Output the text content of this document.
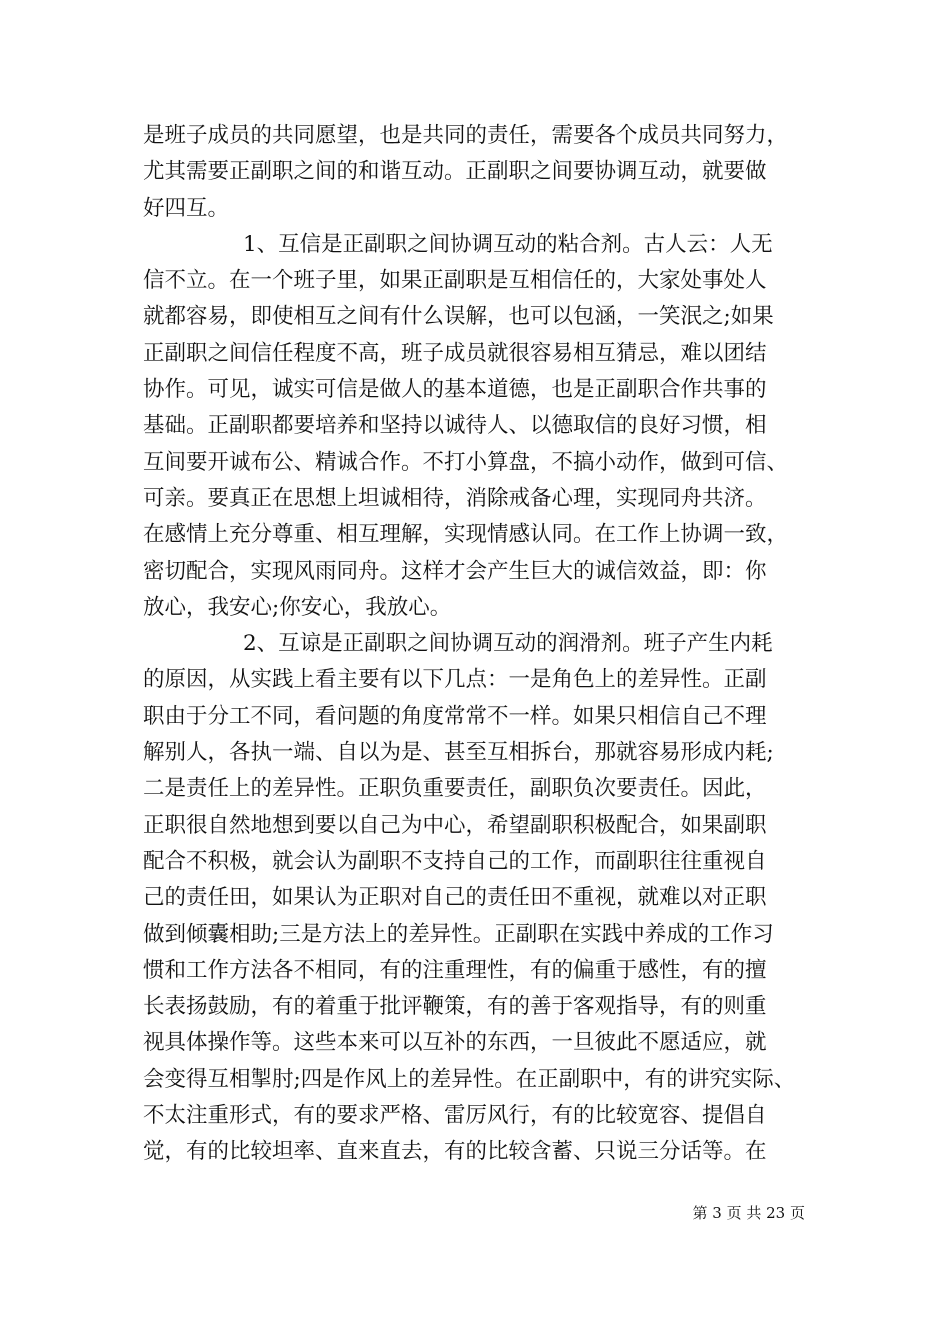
是班子成员的共同愿望，也是共同的责任，需要各个成员共同努力，
尤其需要正副职之间的和谐互动。正副职之间要协调互动，就要做
好四互。
1、互信是正副职之间协调互动的粘合剂。古人云：人无
信不立。在一个班子里，如果正副职是互相信任的，大家处事处人
就都容易，即使相互之间有什么误解，也可以包涵，一笑泯之;如果
正副职之间信任程度不高，班子成员就很容易相互猜忌，难以团结
协作。可见，诚实可信是做人的基本道德，也是正副职合作共事的
基础。正副职都要培养和坚持以诚待人、以德取信的良好习惯，相
互间要开诚布公、精诚合作。不打小算盘，不搞小动作，做到可信、
可亲。要真正在思想上坦诚相待，消除戒备心理，实现同舟共济。
在感情上充分尊重、相互理解，实现情感认同。在工作上协调一致，
密切配合，实现风雨同舟。这样才会产生巨大的诚信效益，即：你
放心，我安心;你安心，我放心。
2、互谅是正副职之间协调互动的润滑剂。班子产生内耗
的原因，从实践上看主要有以下几点：一是角色上的差异性。正副
职由于分工不同，看问题的角度常常不一样。如果只相信自己不理
解别人，各执一端、自以为是、甚至互相拆台，那就容易形成内耗;
二是责任上的差异性。正职负重要责任，副职负次要责任。因此，
正职很自然地想到要以自己为中心，希望副职积极配合，如果副职
配合不积极，就会认为副职不支持自己的工作，而副职往往重视自
己的责任田，如果认为正职对自己的责任田不重视，就难以对正职
做到倾囊相助;三是方法上的差异性。正副职在实践中养成的工作习
惯和工作方法各不相同，有的注重理性，有的偏重于感性，有的擅
长表扬鼓励，有的着重于批评鞭策，有的善于客观指导，有的则重
视具体操作等。这些本来可以互补的东西，一旦彼此不愿适应，就
会变得互相掣肘;四是作风上的差异性。在正副职中，有的讲究实际、
不太注重形式，有的要求严格、雷厉风行，有的比较宽容、提倡自
觉，有的比较坦率、直来直去，有的比较含蓄、只说三分话等。在
第 3 页 共 23 页
